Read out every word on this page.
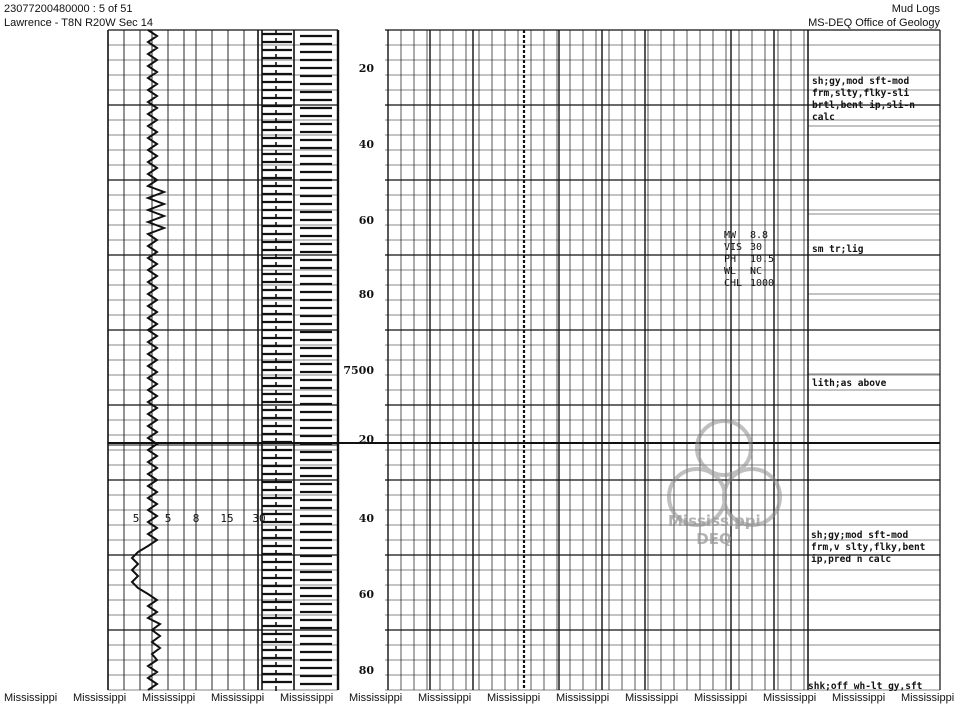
23077200480000 : 5 of 51
Lawrence - T8N R20W Sec 14
Mud Logs
MS-DEQ Office of Geology
20
40
60
80
7500
20
40
60
80
5 5 8 15 30
MW
VIS
PH
WL
CHL
8.8
30
10.5
NC
1000
sh;gy,mod sft-mod
frm,slty,flky-sli
brtl,bent ip,sli-n
calc
sm tr;lig
lith;as above
sh;gy;mod sft-mod
frm,v slty,flky,bent
ip,pred n calc
shk;off wh-lt gy,sft
Mississippi
DEQ
Mississippi Mississippi Mississippi Mississippi Mississippi Mississippi Mississippi Mississippi Mississippi Mississippi Mississippi Mississippi Mississippi Mississippi
